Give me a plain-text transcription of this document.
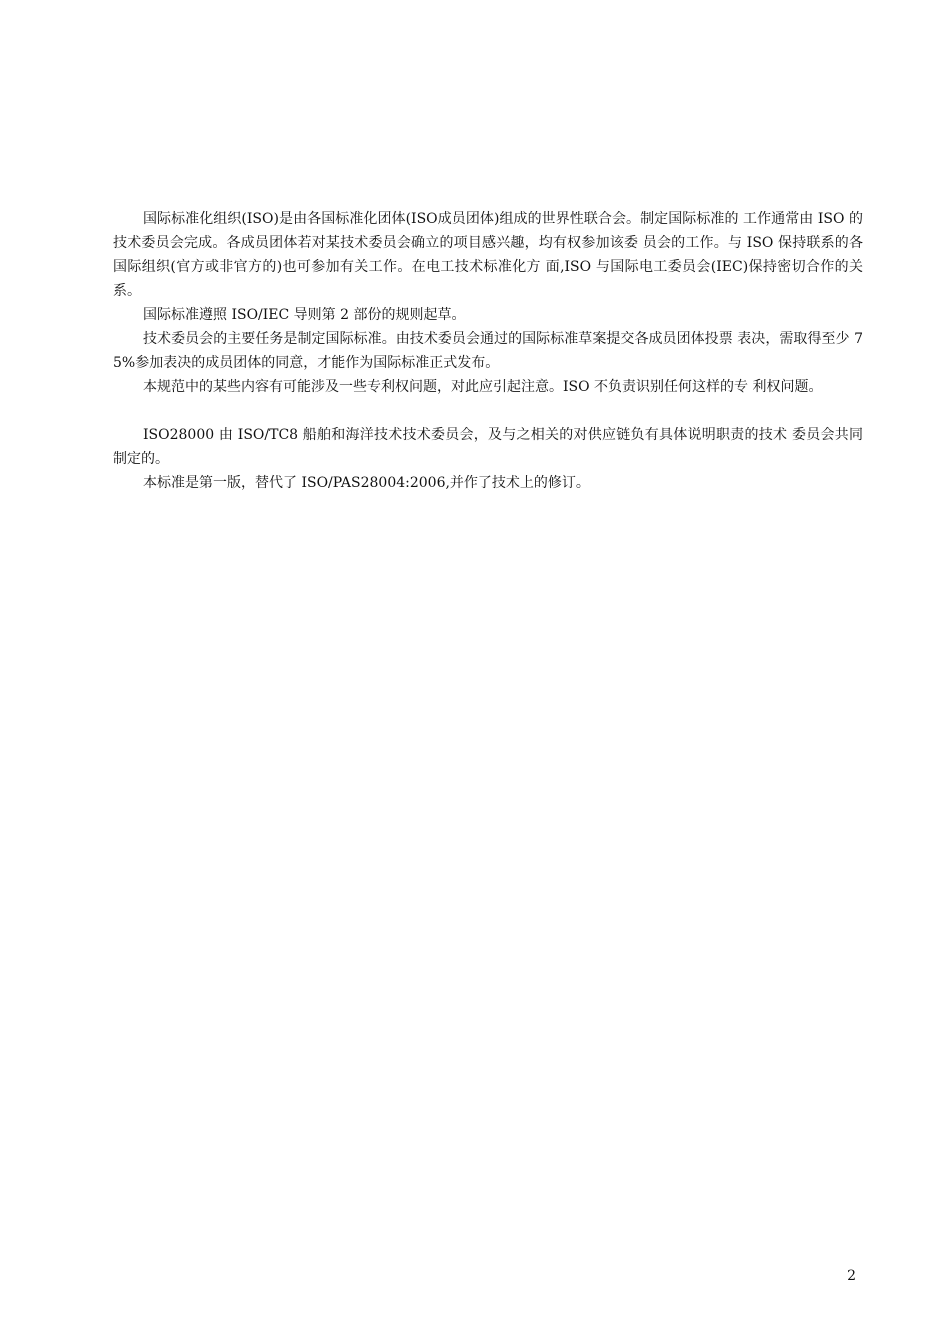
国际标准化组织(ISO)是由各国标准化团体(ISO成员团体)组成的世界性联合会。制定国际标准的 工作通常由 ISO 的技术委员会完成。各成员团体若对某技术委员会确立的项目感兴趣，均有权参加该委 员会的工作。与 ISO 保持联系的各国际组织(官方或非官方的)也可参加有关工作。在电工技术标准化方 面,ISO 与国际电工委员会(IEC)保持密切合作的关系。

国际标准遵照 ISO/IEC 导则第 2 部份的规则起草。

技术委员会的主要任务是制定国际标准。由技术委员会通过的国际标准草案提交各成员团体投票 表决，需取得至少 75%参加表决的成员团体的同意，才能作为国际标准正式发布。

本规范中的某些内容有可能涉及一些专利权问题，对此应引起注意。ISO 不负责识别任何这样的专 利权问题。

ISO28000 由 ISO/TC8 船舶和海洋技术技术委员会，及与之相关的对供应链负有具体说明职责的技术 委员会共同制定的。

本标准是第一版，替代了 ISO/PAS28004:2006,并作了技术上的修订。

2
